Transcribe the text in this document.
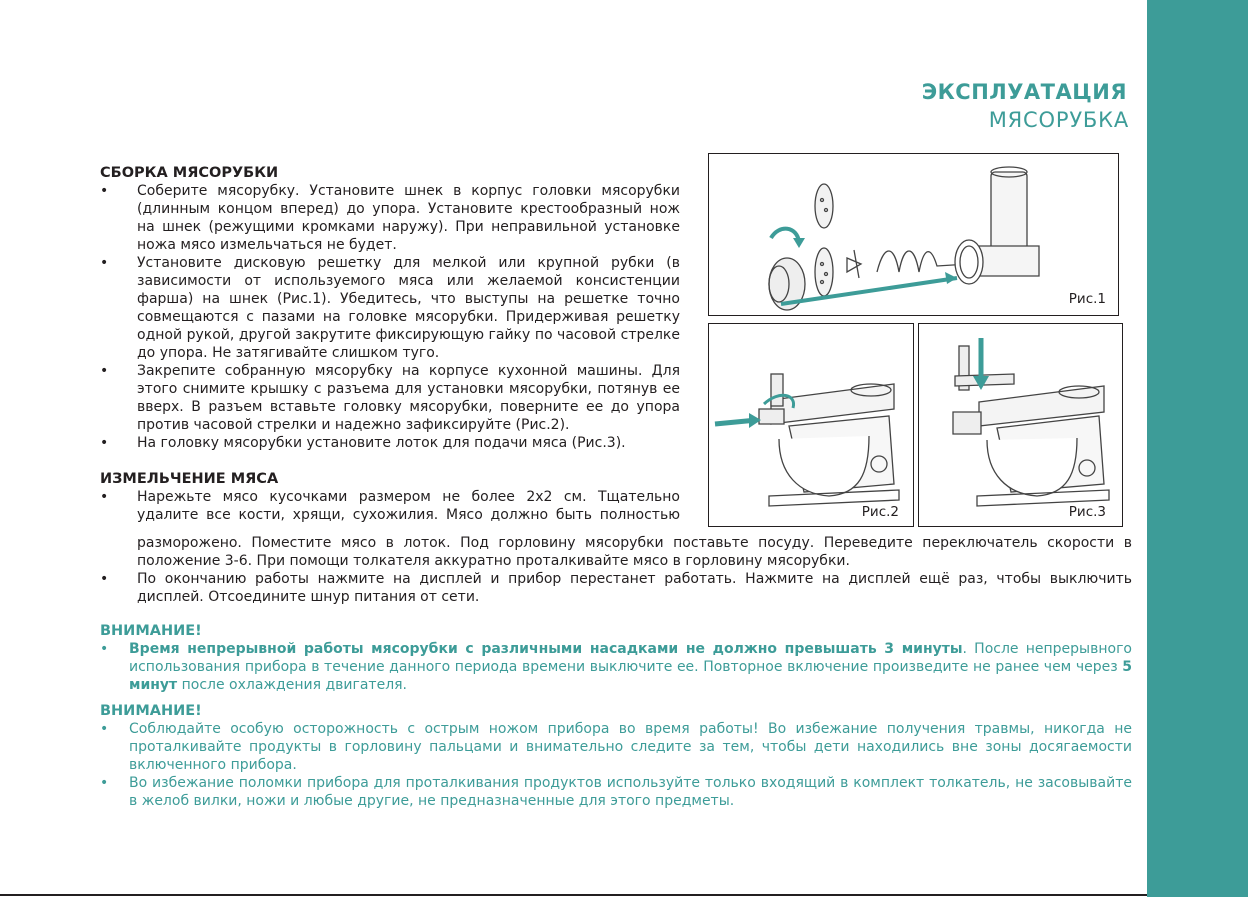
ЭКСПЛУАТАЦИЯ
МЯСОРУБКА
СБОРКА МЯСОРУБКИ
• Соберите мясорубку. Установите шнек в корпус головки мясорубки (длинным концом вперед) до упора. Установите крестообразный нож на шнек (режущими кромками наружу). При неправильной установке ножа мясо измельчаться не будет.
• Установите дисковую решетку для мелкой или крупной рубки (в зависимости от используемого мяса или желаемой консистенции фарша) на шнек (Рис.1). Убедитесь, что выступы на решетке точно совмещаются с пазами на головке мясорубки. Придерживая решетку одной рукой, другой закрутите фиксирующую гайку по часовой стрелке до упора. Не затягивайте слишком туго.
• Закрепите собранную мясорубку на корпусе кухонной машины. Для этого снимите крышку с разъема для установки мясорубки, потянув ее вверх. В разъем вставьте головку мясорубки, поверните ее до упора против часовой стрелки и надежно зафиксируйте (Рис.2).
• На головку мясорубки установите лоток для подачи мяса (Рис.3).
ИЗМЕЛЬЧЕНИЕ МЯСА
• Нарежьте мясо кусочками размером не более 2х2 см. Тщательно удалите все кости, хрящи, сухожилия. Мясо должно быть полностью
разморожено. Поместите мясо в лоток. Под горловину мясорубки поставьте посуду. Переведите переключатель скорости в положение 3-6. При помощи толкателя аккуратно проталкивайте мясо в горловину мясорубки.
• По окончанию работы нажмите на дисплей и прибор перестанет работать. Нажмите на дисплей ещё раз, чтобы выключить дисплей. Отсоедините шнур питания от сети.
ВНИМАНИЕ!
• Время непрерывной работы мясорубки с различными насадками не должно превышать 3 минуты. После непрерывного использования прибора в течение данного периода времени выключите ее. Повторное включение произведите не ранее чем через 5 минут после охлаждения двигателя.
ВНИМАНИЕ!
• Соблюдайте особую осторожность с острым ножом прибора во время работы! Во избежание получения травмы, никогда не проталкивайте продукты в горловину пальцами и внимательно следите за тем, чтобы дети находились вне зоны досягаемости включенного прибора.
• Во избежание поломки прибора для проталкивания продуктов используйте только входящий в комплект толкатель, не засовывайте в желоб вилки, ножи и любые другие, не предназначенные для этого предметы.
Рис.1
Рис.2	Рис.3
